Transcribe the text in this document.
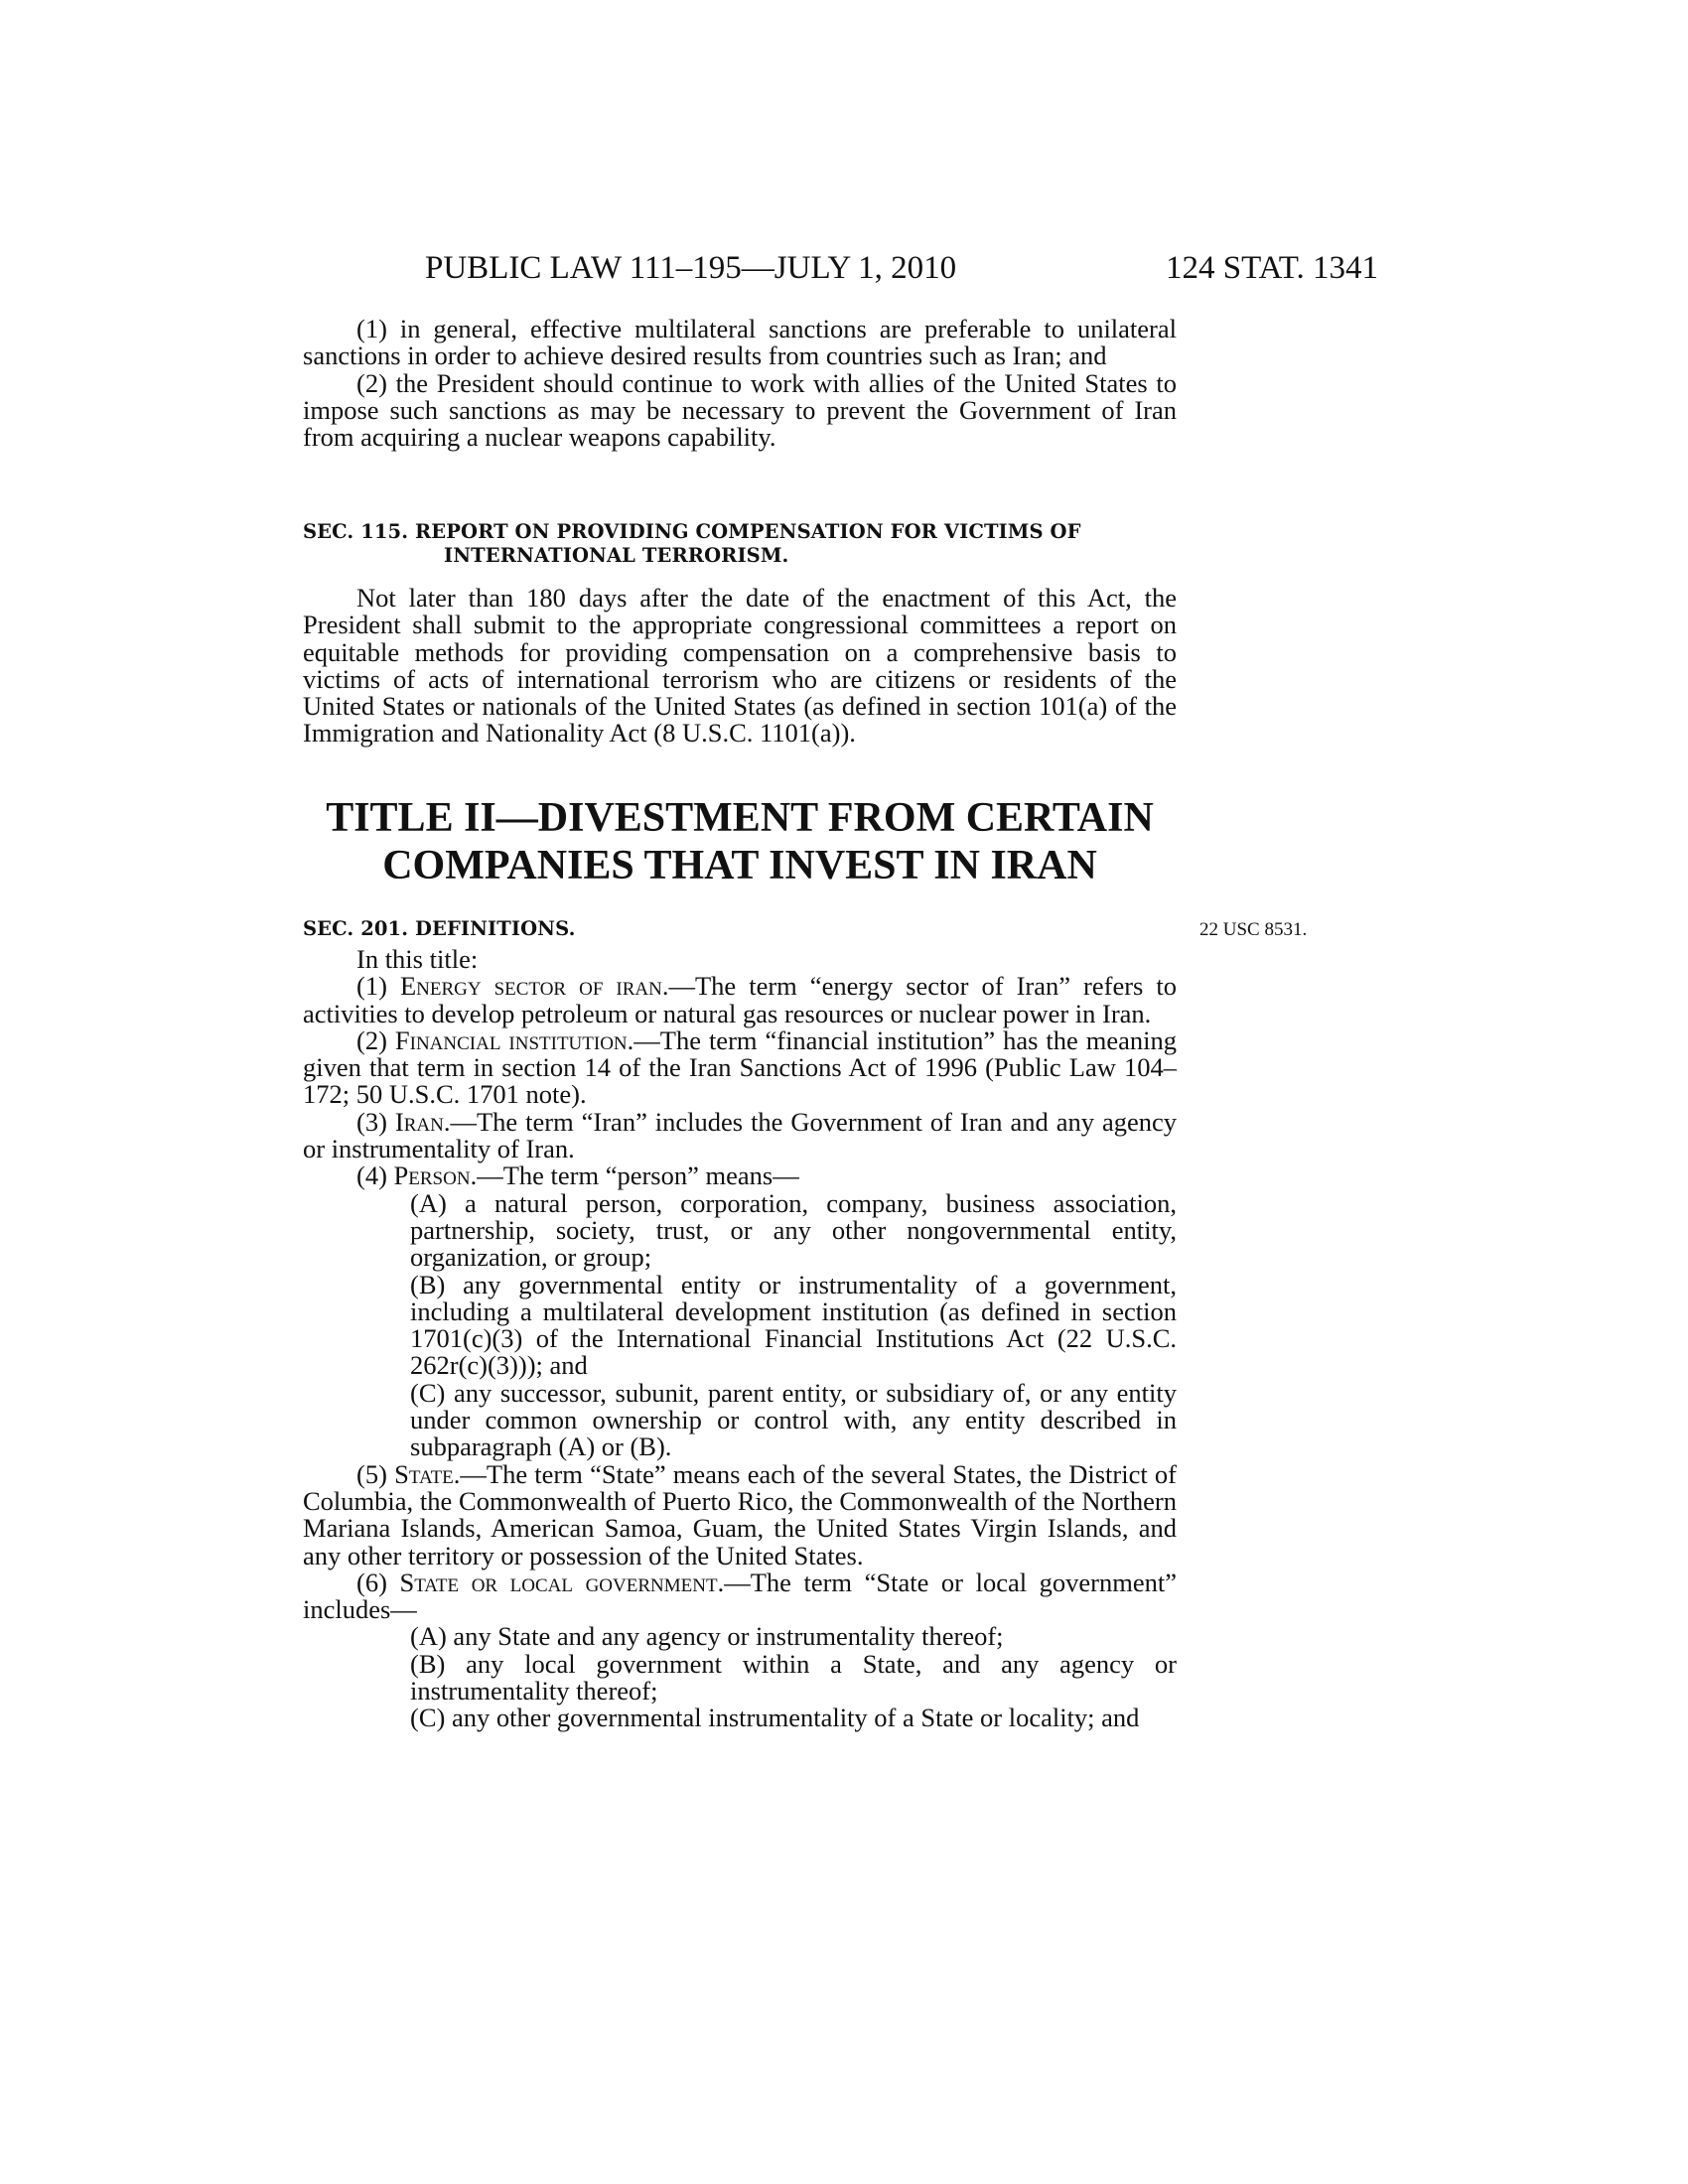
PUBLIC LAW 111–195—JULY 1, 2010	124 STAT. 1341

(1) in general, effective multilateral sanctions are preferable to unilateral sanctions in order to achieve desired results from countries such as Iran; and

(2) the President should continue to work with allies of the United States to impose such sanctions as may be necessary to prevent the Government of Iran from acquiring a nuclear weapons capability.

SEC. 115. REPORT ON PROVIDING COMPENSATION FOR VICTIMS OF
INTERNATIONAL TERRORISM.

Not later than 180 days after the date of the enactment of this Act, the President shall submit to the appropriate congressional committees a report on equitable methods for providing compensation on a comprehensive basis to victims of acts of international terrorism who are citizens or residents of the United States or nationals of the United States (as defined in section 101(a) of the Immigration and Nationality Act (8 U.S.C. 1101(a)).

TITLE II—DIVESTMENT FROM CERTAIN
COMPANIES THAT INVEST IN IRAN
SEC. 201. DEFINITIONS.	22 USC 8531.

In this title:

(1) Energy sector of iran.—The term “energy sector of Iran” refers to activities to develop petroleum or natural gas resources or nuclear power in Iran.

(2) Financial institution.—The term “financial institution” has the meaning given that term in section 14 of the Iran Sanctions Act of 1996 (Public Law 104–172; 50 U.S.C. 1701 note).

(3) Iran.—The term “Iran” includes the Government of Iran and any agency or instrumentality of Iran.

(4) Person.—The term “person” means—

(A) a natural person, corporation, company, business association, partnership, society, trust, or any other nongovernmental entity, organization, or group;

(B) any governmental entity or instrumentality of a government, including a multilateral development institution (as defined in section 1701(c)(3) of the International Financial Institutions Act (22 U.S.C. 262r(c)(3))); and

(C) any successor, subunit, parent entity, or subsidiary of, or any entity under common ownership or control with, any entity described in subparagraph (A) or (B).

(5) State.—The term “State” means each of the several States, the District of Columbia, the Commonwealth of Puerto Rico, the Commonwealth of the Northern Mariana Islands, American Samoa, Guam, the United States Virgin Islands, and any other territory or possession of the United States.

(6) State or local government.—The term “State or local government” includes—

(A) any State and any agency or instrumentality thereof;

(B) any local government within a State, and any agency or instrumentality thereof;

(C) any other governmental instrumentality of a State or locality; and
